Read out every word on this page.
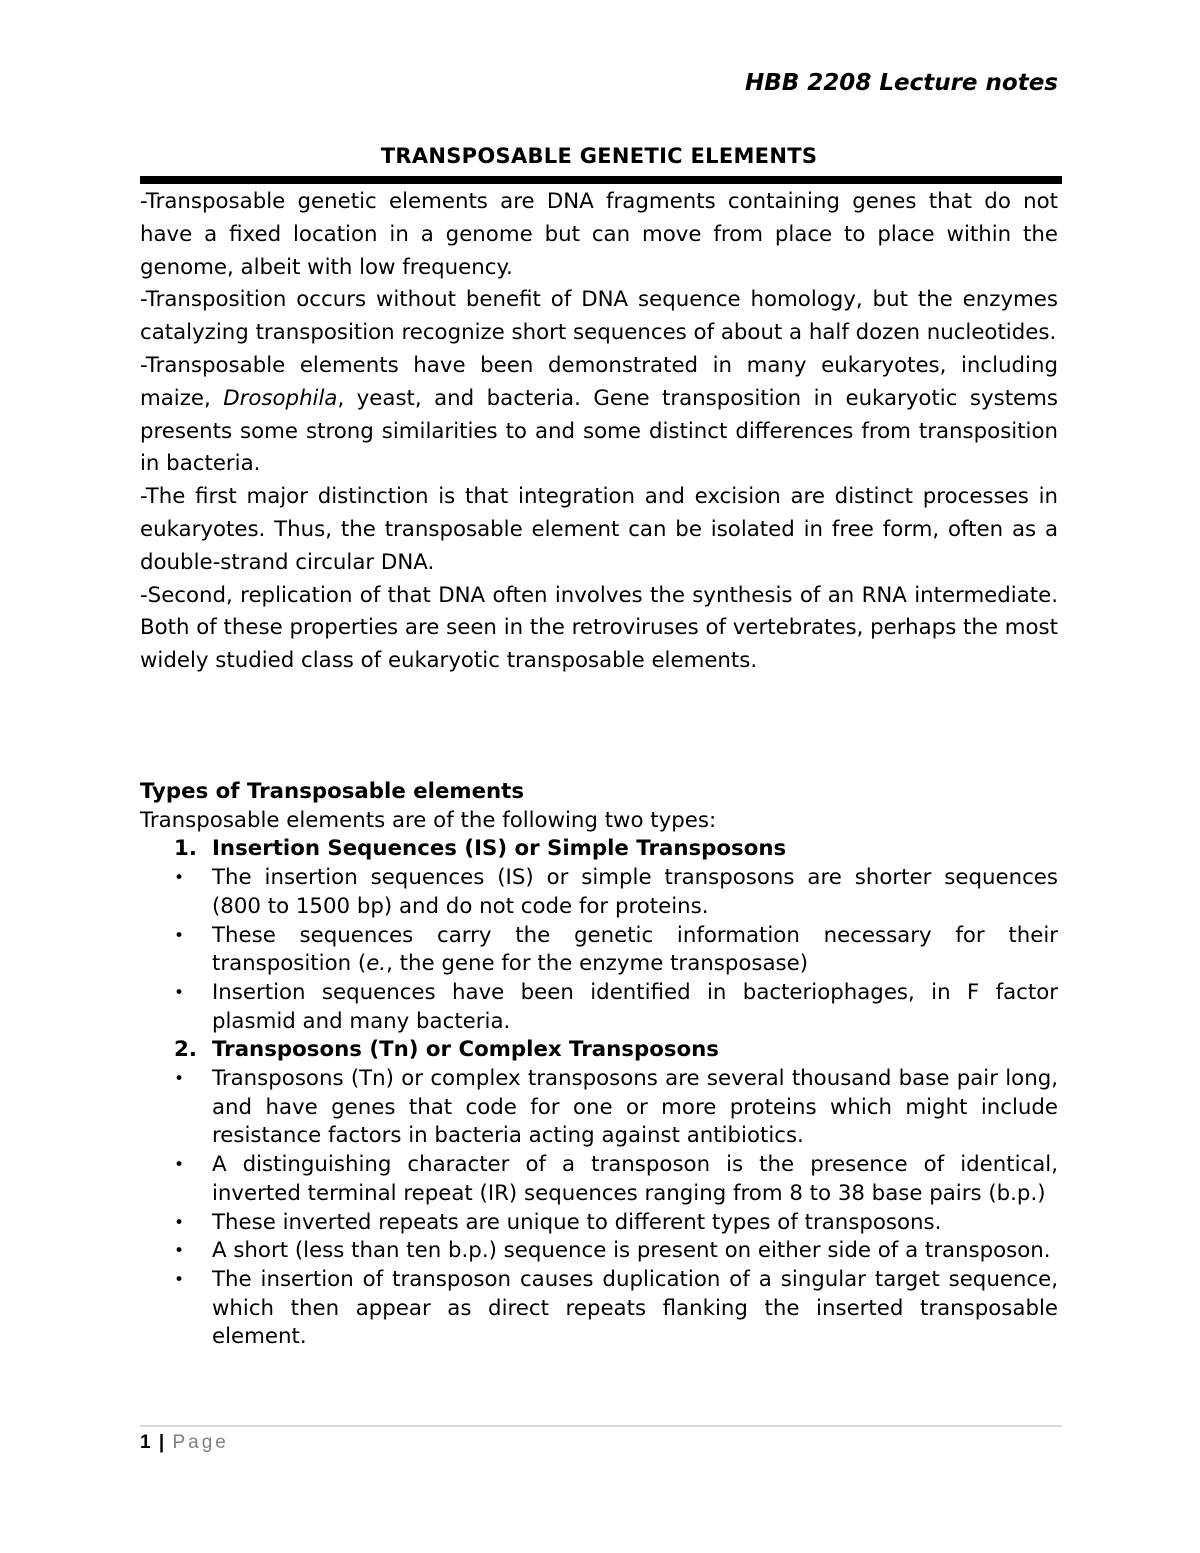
HBB 2208 Lecture notes
TRANSPOSABLE GENETIC ELEMENTS

-Transposable genetic elements are DNA fragments containing genes that do not have a fixed location in a genome but can move from place to place within the genome, albeit with low frequency.

-Transposition occurs without benefit of DNA sequence homology, but the enzymes catalyzing transposition recognize short sequences of about a half dozen nucleotides.

-Transposable elements have been demonstrated in many eukaryotes, including maize, Drosophila, yeast, and bacteria. Gene transposition in eukaryotic systems presents some strong similarities to and some distinct differences from transposition in bacteria.

-The first major distinction is that integration and excision are distinct processes in eukaryotes. Thus, the transposable element can be isolated in free form, often as a double-strand circular DNA.

-Second, replication of that DNA often involves the synthesis of an RNA intermediate. Both of these properties are seen in the retroviruses of vertebrates, perhaps the most widely studied class of eukaryotic transposable elements.

Types of Transposable elements

Transposable elements are of the following two types:

1. Insertion Sequences (IS) or Simple Transposons
• The insertion sequences (IS) or simple transposons are shorter sequences (800 to 1500 bp) and do not code for proteins.
• These sequences carry the genetic information necessary for their transposition (e., the gene for the enzyme transposase)
• Insertion sequences have been identified in bacteriophages, in F factor plasmid and many bacteria.
2. Transposons (Tn) or Complex Transposons
• Transposons (Tn) or complex transposons are several thousand base pair long, and have genes that code for one or more proteins which might include resistance factors in bacteria acting against antibiotics.
• A distinguishing character of a transposon is the presence of identical, inverted terminal repeat (IR) sequences ranging from 8 to 38 base pairs (b.p.)
• These inverted repeats are unique to different types of transposons.
• A short (less than ten b.p.) sequence is present on either side of a transposon.
• The insertion of transposon causes duplication of a singular target sequence, which then appear as direct repeats flanking the inserted transposable element.
1 | Page
